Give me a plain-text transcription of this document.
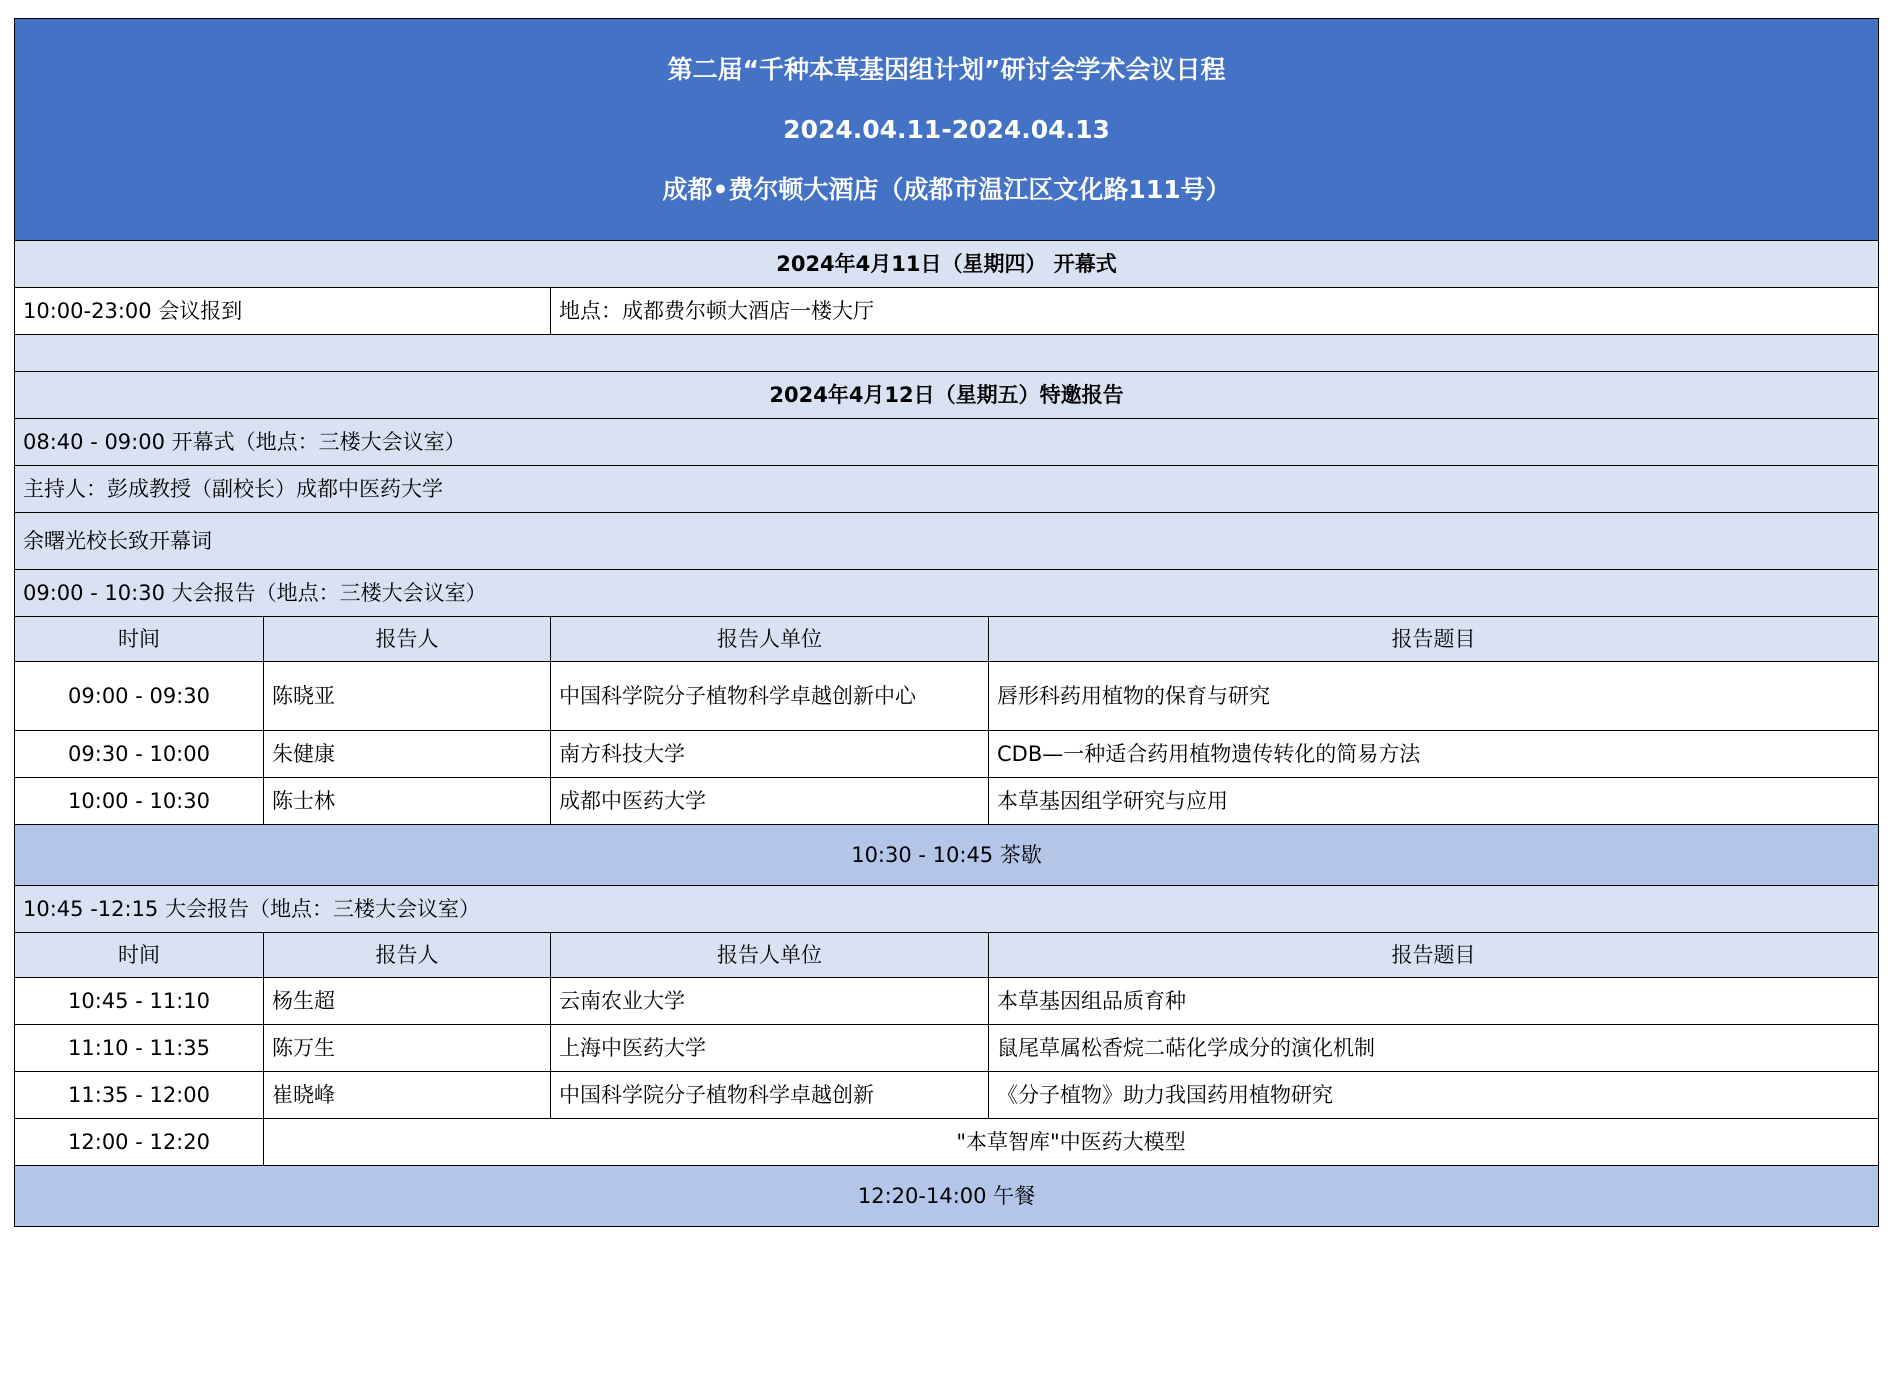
第二届“千种本草基因组计划”研讨会学术会议日程
2024.04.11-2024.04.13
成都•费尔顿大酒店（成都市温江区文化路111号）			

2024年4月11日（星期四） 开幕式			
10:00-23:00 会议报到		地点：成都费尔顿大酒店一楼大厅	

2024年4月12日（星期五）特邀报告			
08:40 - 09:00 开幕式（地点：三楼大会议室）			
主持人：彭成教授（副校长）成都中医药大学			
余曙光校长致开幕词			
09:00 - 10:30 大会报告（地点：三楼大会议室）			
时间	报告人	报告人单位	报告题目
09:00 - 09:30	陈晓亚	中国科学院分子植物科学卓越创新中心	唇形科药用植物的保育与研究
09:30 - 10:00	朱健康	南方科技大学	CDB—一种适合药用植物遗传转化的简易方法
10:00 - 10:30	陈士林	成都中医药大学	本草基因组学研究与应用
10:30 - 10:45 茶歇			
10:45 -12:15 大会报告（地点：三楼大会议室）			
时间	报告人	报告人单位	报告题目
10:45 - 11:10	杨生超	云南农业大学	本草基因组品质育种
11:10 - 11:35	陈万生	上海中医药大学	鼠尾草属松香烷二萜化学成分的演化机制
11:35 - 12:00	崔晓峰	中国科学院分子植物科学卓越创新	《分子植物》助力我国药用植物研究
12:00 - 12:20	"本草智库"中医药大模型		
12:20-14:00 午餐			
